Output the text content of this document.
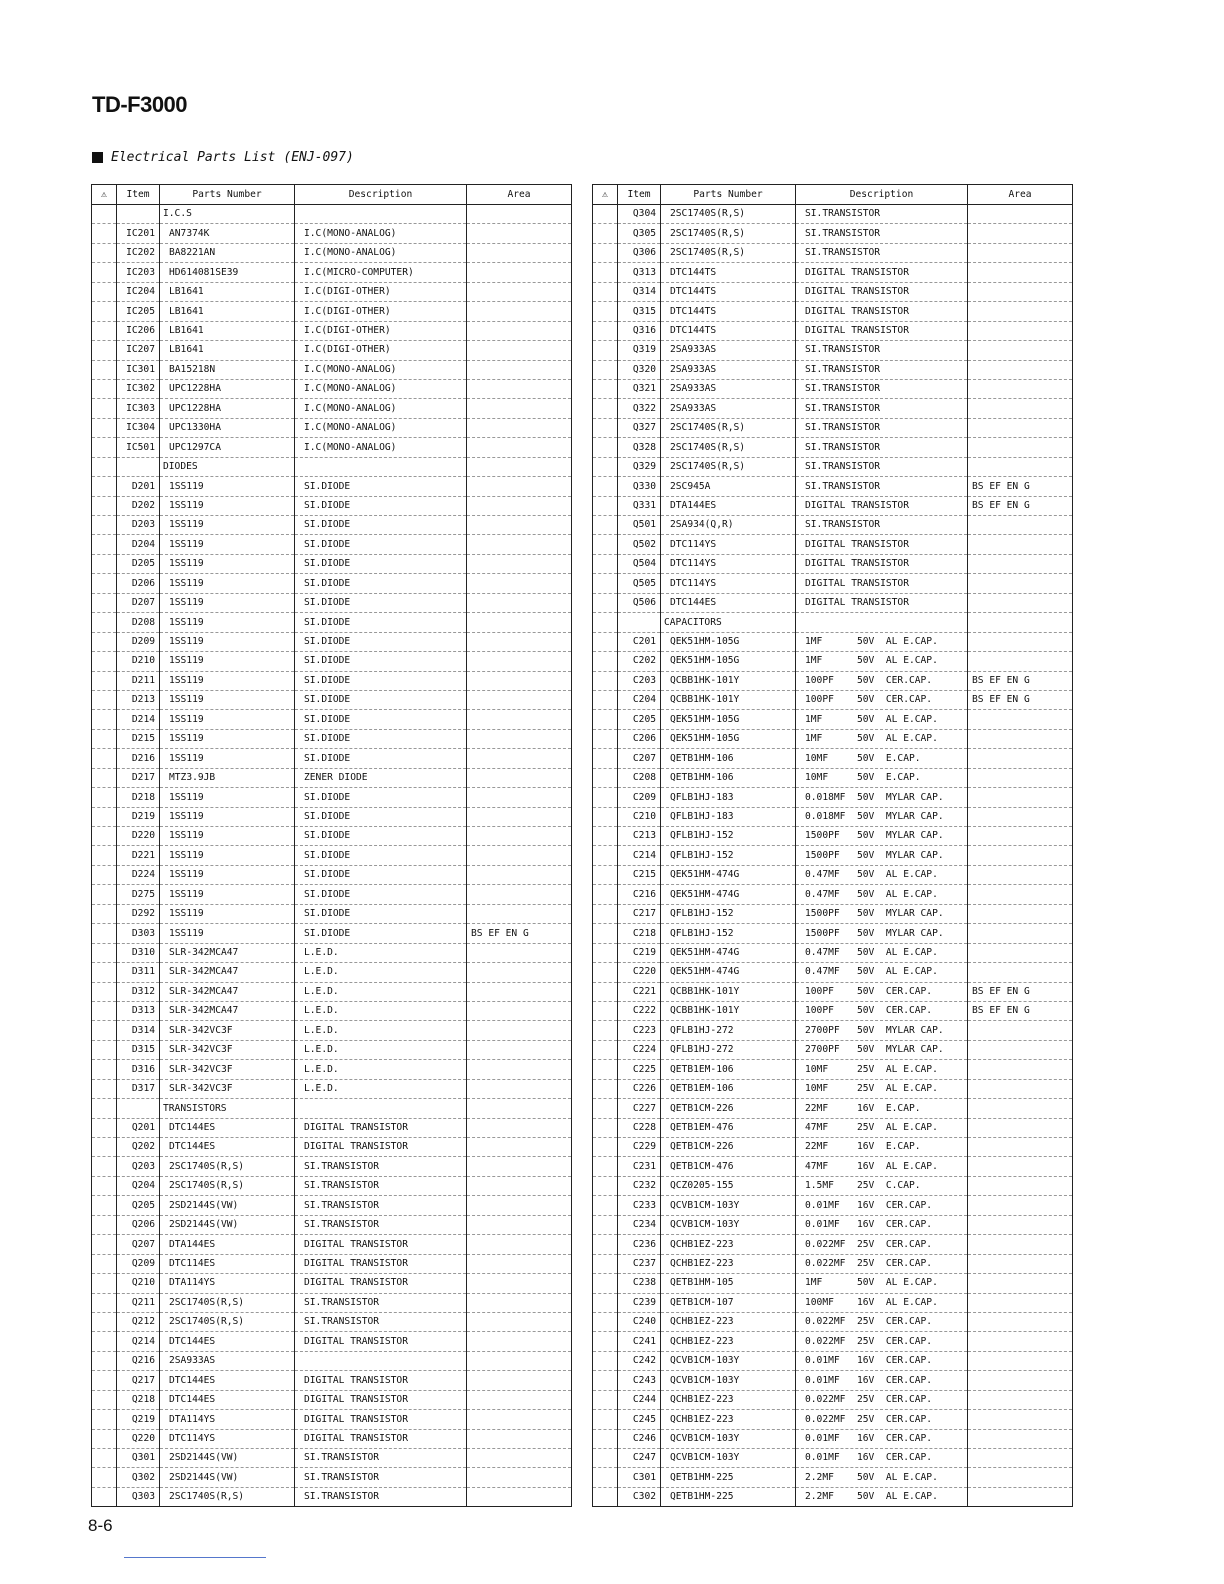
TD-F3000
Electrical Parts List (ENJ-097)
⚠	Item	Parts Number	Description	Area
		I.C.S		
	IC201	AN7374K	I.C(MONO-ANALOG)	
	IC202	BA8221AN	I.C(MONO-ANALOG)	
	IC203	HD614081SE39	I.C(MICRO-COMPUTER)	
	IC204	LB1641	I.C(DIGI-OTHER)	
	IC205	LB1641	I.C(DIGI-OTHER)	
	IC206	LB1641	I.C(DIGI-OTHER)	
	IC207	LB1641	I.C(DIGI-OTHER)	
	IC301	BA15218N	I.C(MONO-ANALOG)	
	IC302	UPC1228HA	I.C(MONO-ANALOG)	
	IC303	UPC1228HA	I.C(MONO-ANALOG)	
	IC304	UPC1330HA	I.C(MONO-ANALOG)	
	IC501	UPC1297CA	I.C(MONO-ANALOG)	
		DIODES		
	D201	1SS119	SI.DIODE	
	D202	1SS119	SI.DIODE	
	D203	1SS119	SI.DIODE	
	D204	1SS119	SI.DIODE	
	D205	1SS119	SI.DIODE	
	D206	1SS119	SI.DIODE	
	D207	1SS119	SI.DIODE	
	D208	1SS119	SI.DIODE	
	D209	1SS119	SI.DIODE	
	D210	1SS119	SI.DIODE	
	D211	1SS119	SI.DIODE	
	D213	1SS119	SI.DIODE	
	D214	1SS119	SI.DIODE	
	D215	1SS119	SI.DIODE	
	D216	1SS119	SI.DIODE	
	D217	MTZ3.9JB	ZENER DIODE	
	D218	1SS119	SI.DIODE	
	D219	1SS119	SI.DIODE	
	D220	1SS119	SI.DIODE	
	D221	1SS119	SI.DIODE	
	D224	1SS119	SI.DIODE	
	D275	1SS119	SI.DIODE	
	D292	1SS119	SI.DIODE	
	D303	1SS119	SI.DIODE	BS EF EN G
	D310	SLR-342MCA47	L.E.D.	
	D311	SLR-342MCA47	L.E.D.	
	D312	SLR-342MCA47	L.E.D.	
	D313	SLR-342MCA47	L.E.D.	
	D314	SLR-342VC3F	L.E.D.	
	D315	SLR-342VC3F	L.E.D.	
	D316	SLR-342VC3F	L.E.D.	
	D317	SLR-342VC3F	L.E.D.	
		TRANSISTORS		
	Q201	DTC144ES	DIGITAL TRANSISTOR	
	Q202	DTC144ES	DIGITAL TRANSISTOR	
	Q203	2SC1740S(R,S)	SI.TRANSISTOR	
	Q204	2SC1740S(R,S)	SI.TRANSISTOR	
	Q205	2SD2144S(VW)	SI.TRANSISTOR	
	Q206	2SD2144S(VW)	SI.TRANSISTOR	
	Q207	DTA144ES	DIGITAL TRANSISTOR	
	Q209	DTC114ES	DIGITAL TRANSISTOR	
	Q210	DTA114YS	DIGITAL TRANSISTOR	
	Q211	2SC1740S(R,S)	SI.TRANSISTOR	
	Q212	2SC1740S(R,S)	SI.TRANSISTOR	
	Q214	DTC144ES	DIGITAL TRANSISTOR	
	Q216	2SA933AS		
	Q217	DTC144ES	DIGITAL TRANSISTOR	
	Q218	DTC144ES	DIGITAL TRANSISTOR	
	Q219	DTA114YS	DIGITAL TRANSISTOR	
	Q220	DTC114YS	DIGITAL TRANSISTOR	
	Q301	2SD2144S(VW)	SI.TRANSISTOR	
	Q302	2SD2144S(VW)	SI.TRANSISTOR	
	Q303	2SC1740S(R,S)	SI.TRANSISTOR	
⚠	Item	Parts Number	Description	Area
	Q304	2SC1740S(R,S)	SI.TRANSISTOR	
	Q305	2SC1740S(R,S)	SI.TRANSISTOR	
	Q306	2SC1740S(R,S)	SI.TRANSISTOR	
	Q313	DTC144TS	DIGITAL TRANSISTOR	
	Q314	DTC144TS	DIGITAL TRANSISTOR	
	Q315	DTC144TS	DIGITAL TRANSISTOR	
	Q316	DTC144TS	DIGITAL TRANSISTOR	
	Q319	2SA933AS	SI.TRANSISTOR	
	Q320	2SA933AS	SI.TRANSISTOR	
	Q321	2SA933AS	SI.TRANSISTOR	
	Q322	2SA933AS	SI.TRANSISTOR	
	Q327	2SC1740S(R,S)	SI.TRANSISTOR	
	Q328	2SC1740S(R,S)	SI.TRANSISTOR	
	Q329	2SC1740S(R,S)	SI.TRANSISTOR	
	Q330	2SC945A	SI.TRANSISTOR	BS EF EN G
	Q331	DTA144ES	DIGITAL TRANSISTOR	BS EF EN G
	Q501	2SA934(Q,R)	SI.TRANSISTOR	
	Q502	DTC114YS	DIGITAL TRANSISTOR	
	Q504	DTC114YS	DIGITAL TRANSISTOR	
	Q505	DTC114YS	DIGITAL TRANSISTOR	
	Q506	DTC144ES	DIGITAL TRANSISTOR	
		CAPACITORS		
	C201	QEK51HM-105G	1MF      50V  AL E.CAP.	
	C202	QEK51HM-105G	1MF      50V  AL E.CAP.	
	C203	QCBB1HK-101Y	100PF    50V  CER.CAP.	BS EF EN G
	C204	QCBB1HK-101Y	100PF    50V  CER.CAP.	BS EF EN G
	C205	QEK51HM-105G	1MF      50V  AL E.CAP.	
	C206	QEK51HM-105G	1MF      50V  AL E.CAP.	
	C207	QETB1HM-106	10MF     50V  E.CAP.	
	C208	QETB1HM-106	10MF     50V  E.CAP.	
	C209	QFLB1HJ-183	0.018MF  50V  MYLAR CAP.	
	C210	QFLB1HJ-183	0.018MF  50V  MYLAR CAP.	
	C213	QFLB1HJ-152	1500PF   50V  MYLAR CAP.	
	C214	QFLB1HJ-152	1500PF   50V  MYLAR CAP.	
	C215	QEK51HM-474G	0.47MF   50V  AL E.CAP.	
	C216	QEK51HM-474G	0.47MF   50V  AL E.CAP.	
	C217	QFLB1HJ-152	1500PF   50V  MYLAR CAP.	
	C218	QFLB1HJ-152	1500PF   50V  MYLAR CAP.	
	C219	QEK51HM-474G	0.47MF   50V  AL E.CAP.	
	C220	QEK51HM-474G	0.47MF   50V  AL E.CAP.	
	C221	QCBB1HK-101Y	100PF    50V  CER.CAP.	BS EF EN G
	C222	QCBB1HK-101Y	100PF    50V  CER.CAP.	BS EF EN G
	C223	QFLB1HJ-272	2700PF   50V  MYLAR CAP.	
	C224	QFLB1HJ-272	2700PF   50V  MYLAR CAP.	
	C225	QETB1EM-106	10MF     25V  AL E.CAP.	
	C226	QETB1EM-106	10MF     25V  AL E.CAP.	
	C227	QETB1CM-226	22MF     16V  E.CAP.	
	C228	QETB1EM-476	47MF     25V  AL E.CAP.	
	C229	QETB1CM-226	22MF     16V  E.CAP.	
	C231	QETB1CM-476	47MF     16V  AL E.CAP.	
	C232	QCZ0205-155	1.5MF    25V  C.CAP.	
	C233	QCVB1CM-103Y	0.01MF   16V  CER.CAP.	
	C234	QCVB1CM-103Y	0.01MF   16V  CER.CAP.	
	C236	QCHB1EZ-223	0.022MF  25V  CER.CAP.	
	C237	QCHB1EZ-223	0.022MF  25V  CER.CAP.	
	C238	QETB1HM-105	1MF      50V  AL E.CAP.	
	C239	QETB1CM-107	100MF    16V  AL E.CAP.	
	C240	QCHB1EZ-223	0.022MF  25V  CER.CAP.	
	C241	QCHB1EZ-223	0.022MF  25V  CER.CAP.	
	C242	QCVB1CM-103Y	0.01MF   16V  CER.CAP.	
	C243	QCVB1CM-103Y	0.01MF   16V  CER.CAP.	
	C244	QCHB1EZ-223	0.022MF  25V  CER.CAP.	
	C245	QCHB1EZ-223	0.022MF  25V  CER.CAP.	
	C246	QCVB1CM-103Y	0.01MF   16V  CER.CAP.	
	C247	QCVB1CM-103Y	0.01MF   16V  CER.CAP.	
	C301	QETB1HM-225	2.2MF    50V  AL E.CAP.	
	C302	QETB1HM-225	2.2MF    50V  AL E.CAP.	
8-6
